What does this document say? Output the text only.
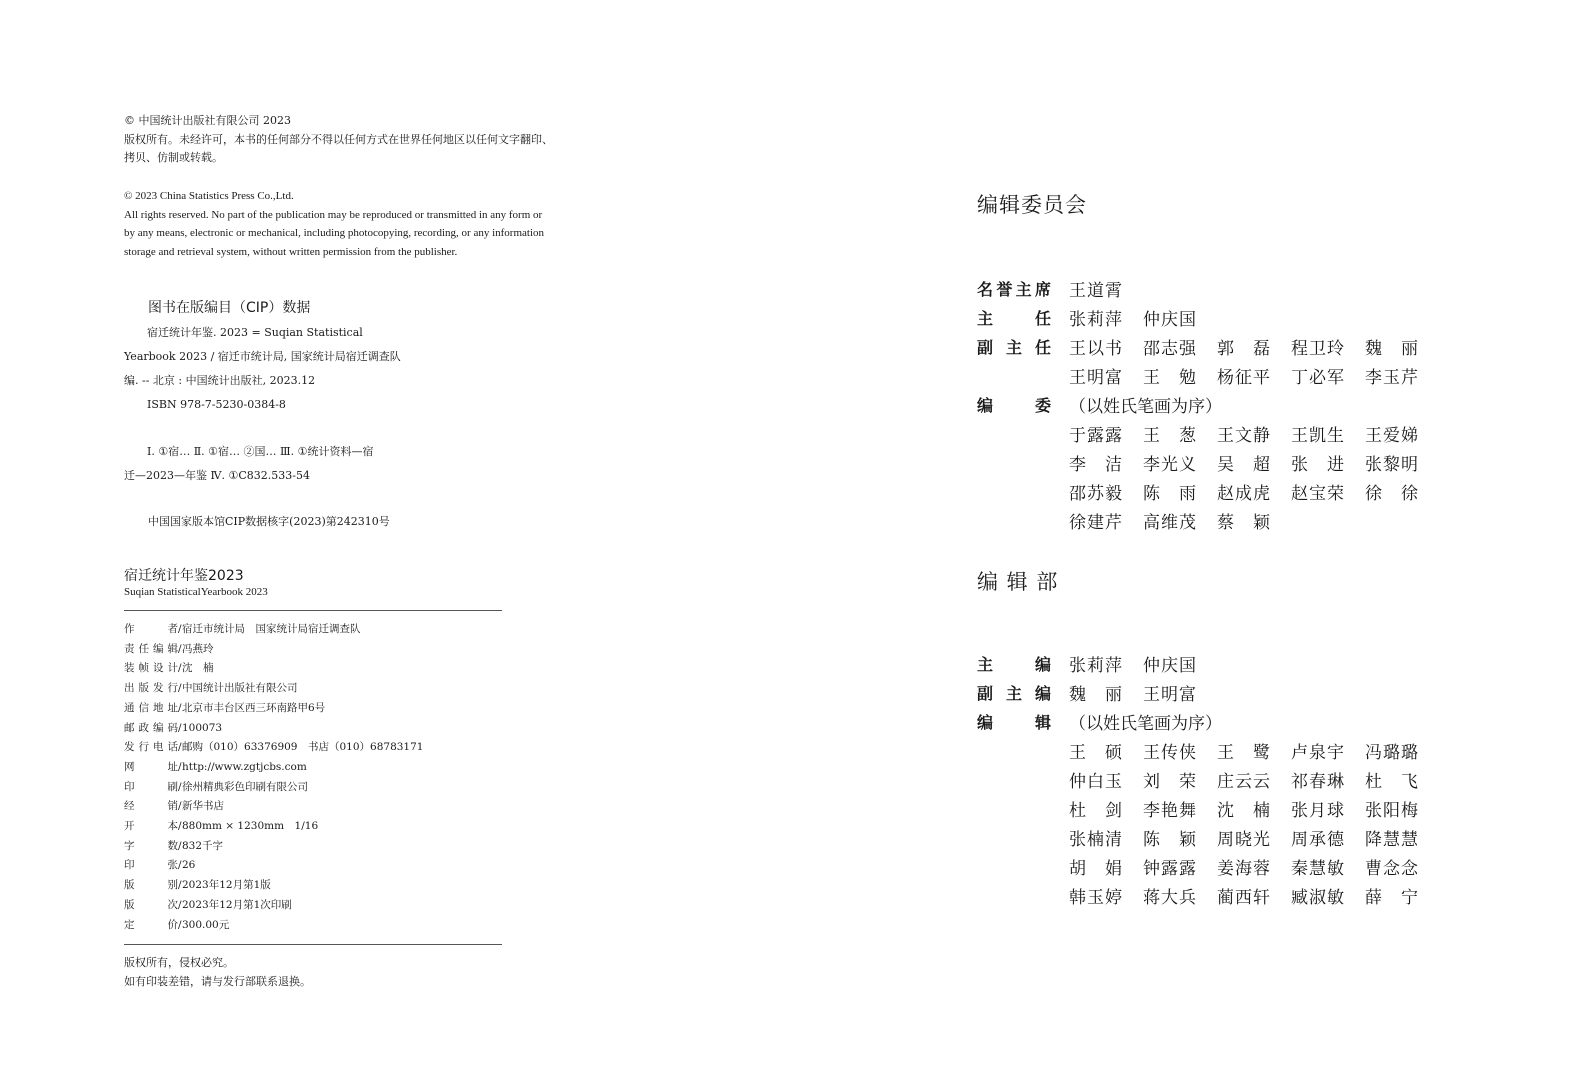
© 中国统计出版社有限公司 2023
版权所有。未经许可，本书的任何部分不得以任何方式在世界任何地区以任何文字翻印、
拷贝、仿制或转载。
© 2023 China Statistics Press Co.,Ltd.
All rights reserved. No part of the publication may be reproduced or transmitted in any form or
by any means, electronic or mechanical, including photocopying, recording, or any information
storage and retrieval system, without written permission from the publisher.
图书在版编目（CIP）数据
宿迁统计年鉴. 2023 = Suqian Statistical
Yearbook 2023 / 宿迁市统计局, 国家统计局宿迁调查队
编. -- 北京 : 中国统计出版社, 2023.12
ISBN 978-7-5230-0384-8
Ⅰ. ①宿… Ⅱ. ①宿… ②国… Ⅲ. ①统计资料—宿
迁—2023—年鉴 Ⅳ. ①C832.533-54
中国国家版本馆CIP数据核字(2023)第242310号
宿迁统计年鉴2023
Suqian StatisticalYearbook 2023
作者 / 宿迁市统计局　国家统计局宿迁调查队
责任编辑 / 冯燕玲
装帧设计 / 沈　楠
出版发行 / 中国统计出版社有限公司
通信地址 / 北京市丰台区西三环南路甲6号
邮政编码 / 100073
发行电话 / 邮购（010）63376909　书店（010）68783171
网址 / http://www.zgtjcbs.com
印刷 / 徐州精典彩色印刷有限公司
经销 / 新华书店
开本 / 880mm × 1230mm　1/16
字数 / 832千字
印张 / 26
版别 / 2023年12月第1版
版次 / 2023年12月第1次印刷
定价 / 300.00元
版权所有，侵权必究。
如有印装差错，请与发行部联系退换。
编辑委员会
名誉主席 王道霄
主任 张莉萍 仲庆国
副主任 王以书 邵志强 郭磊 程卫玲 魏丽
王明富 王勉 杨征平 丁必军 李玉芹
编委 （以姓氏笔画为序）
于露露 王葱 王文静 王凯生 王爱娣
李洁 李光义 吴超 张进 张黎明
邵苏毅 陈雨 赵成虎 赵宝荣 徐徐
徐建芹 高维茂 蔡颖
编 辑 部
主编 张莉萍 仲庆国
副主编 魏丽 王明富
编辑 （以姓氏笔画为序）
王硕 王传侠 王鹭 卢泉宇 冯璐璐
仲白玉 刘荣 庄云云 祁春琳 杜飞
杜剑 李艳舞 沈楠 张月球 张阳梅
张楠清 陈颖 周晓光 周承德 降慧慧
胡娟 钟露露 姜海蓉 秦慧敏 曹念念
韩玉婷 蒋大兵 蔺西轩 臧淑敏 薛宁
